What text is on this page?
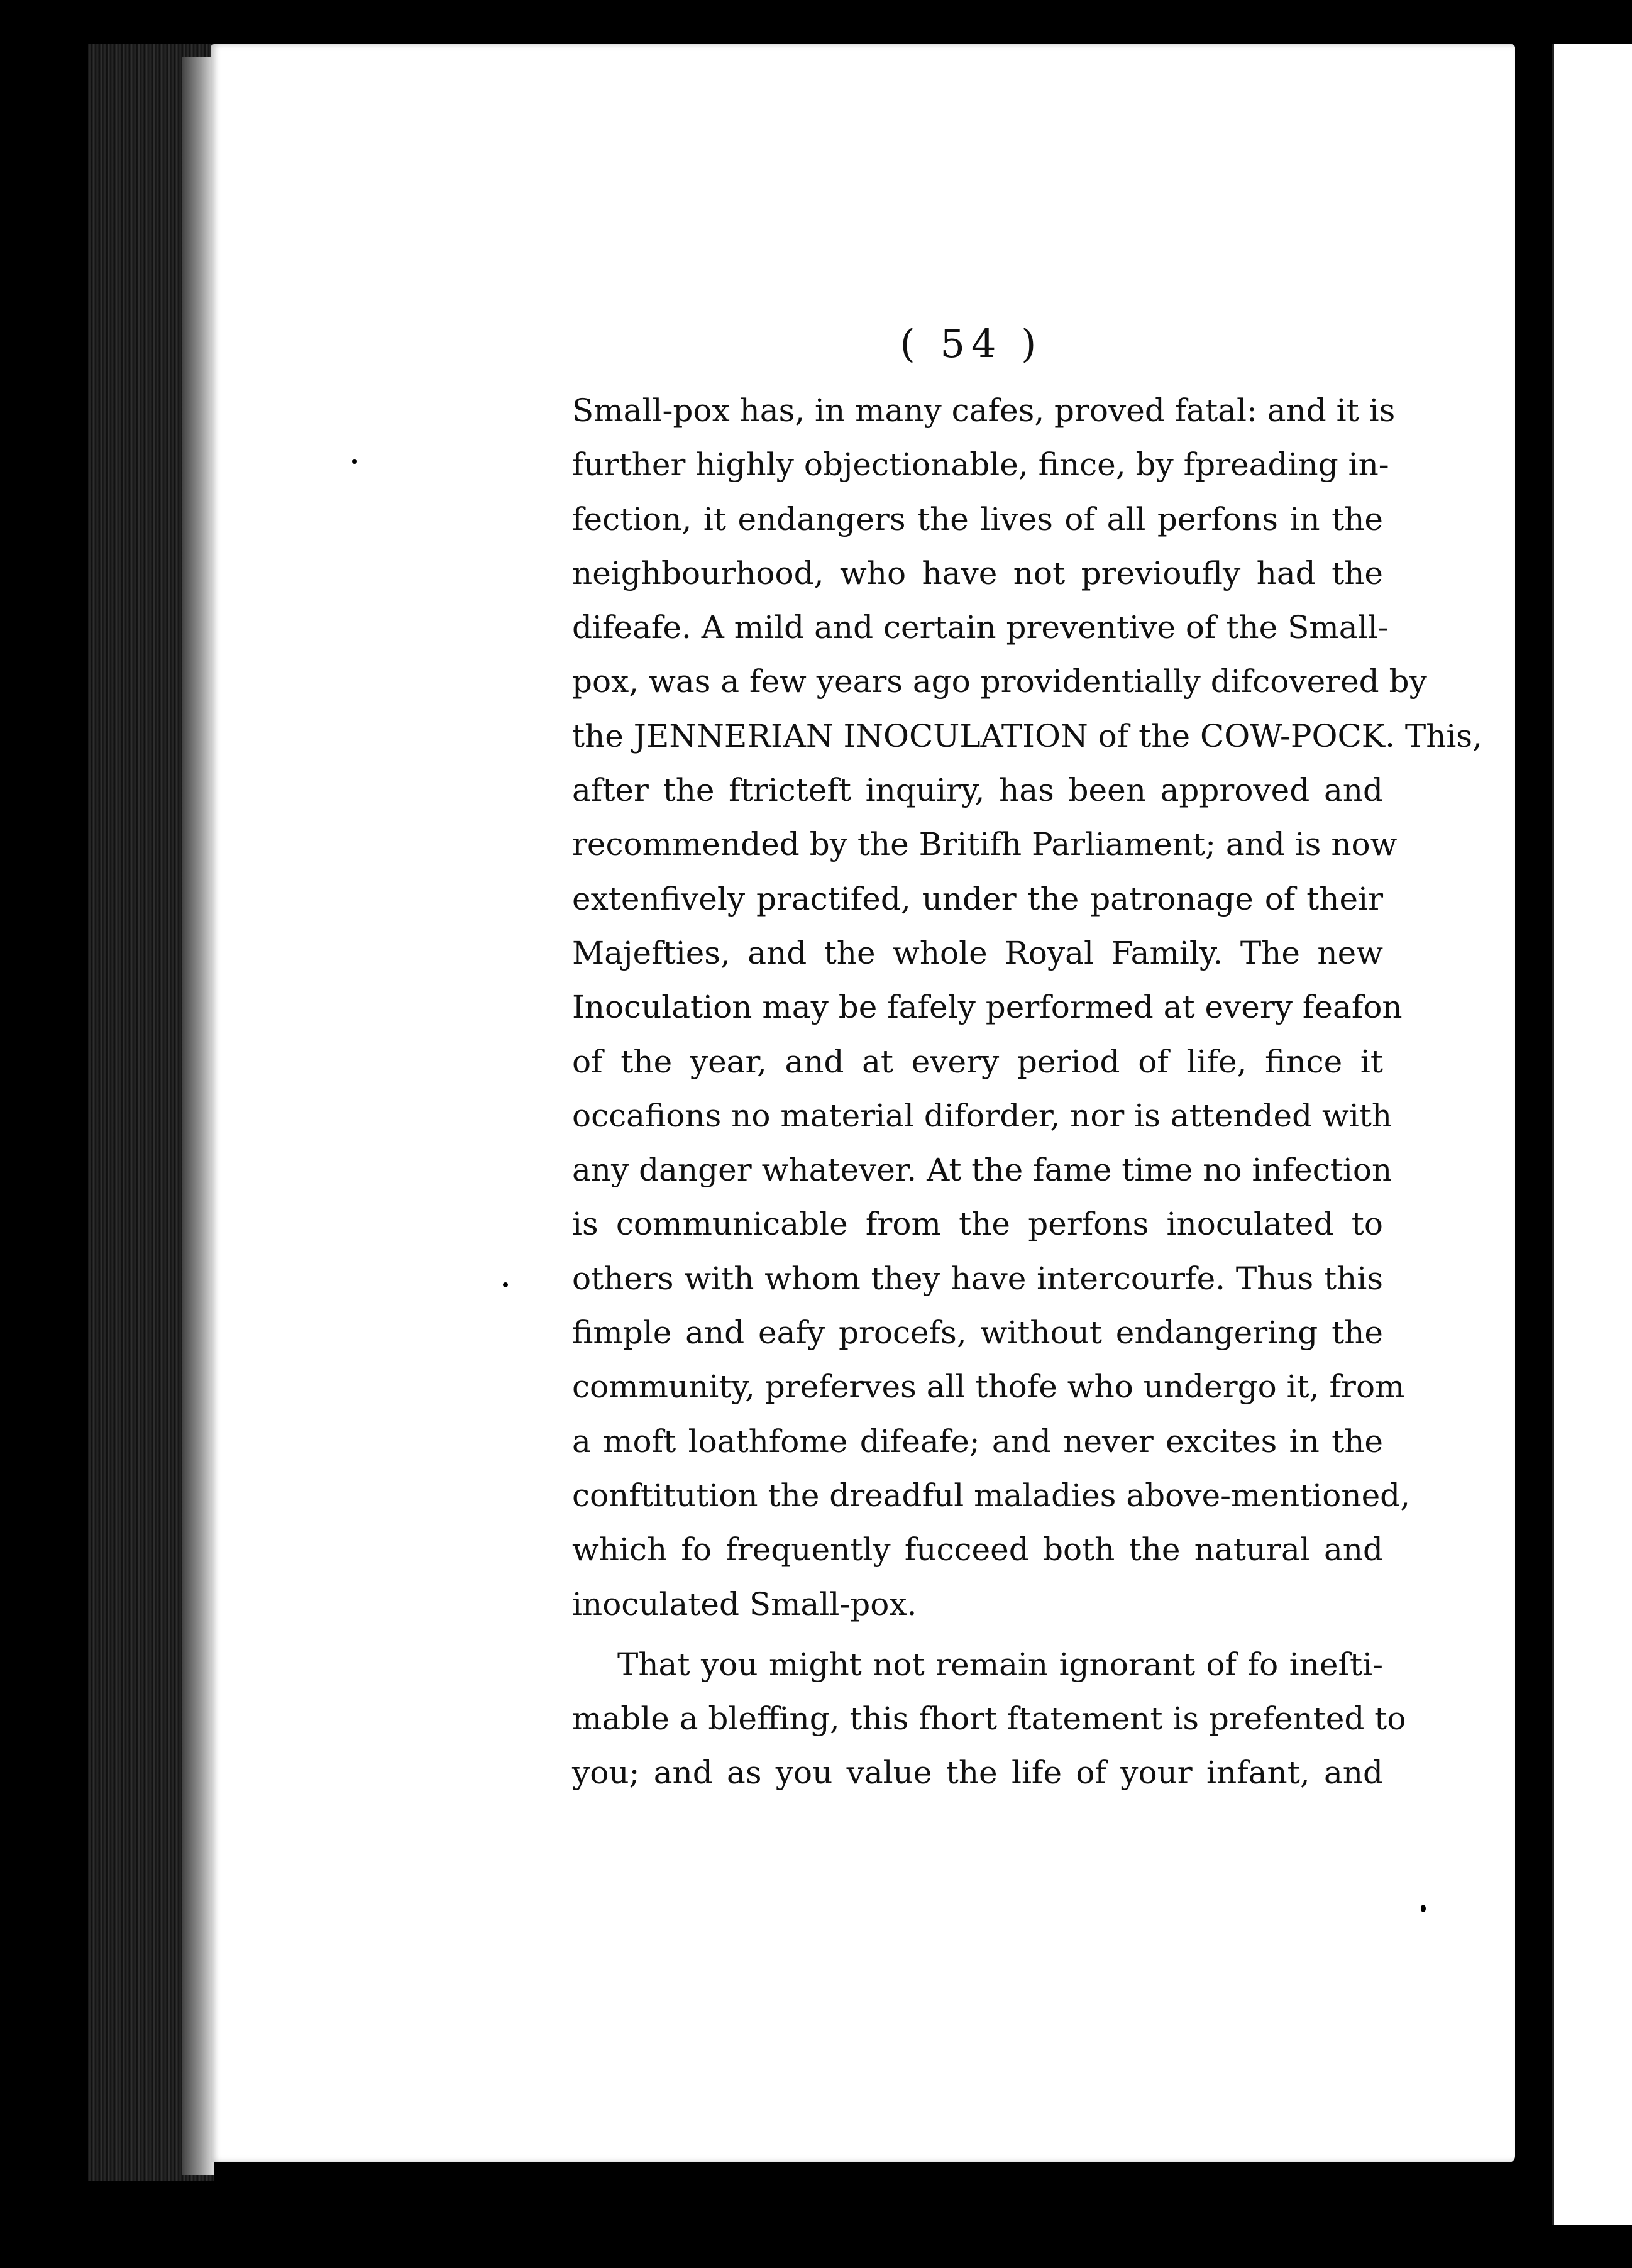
( 54 )
Small-pox has, in many cafes, proved fatal: and it is
further highly objectionable, fince, by fpreading in-
fection, it endangers the lives of all perfons in the
neighbourhood, who have not previoufly had the
difeafe. A mild and certain preventive of the Small-
pox, was a few years ago providentially difcovered by
the JENNERIAN INOCULATION of the COW-POCK. This,
after the ftricteft inquiry, has been approved and
recommended by the Britifh Parliament; and is now
extenfively practifed, under the patronage of their
Majefties, and the whole Royal Family. The new
Inoculation may be fafely performed at every feafon
of the year, and at every period of life, fince it
occafions no material diforder, nor is attended with
any danger whatever. At the fame time no infection
is communicable from the perfons inoculated to
others with whom they have intercourfe. Thus this
fimple and eafy procefs, without endangering the
community, preferves all thofe who undergo it, from
a moft loathfome difeafe; and never excites in the
conftitution the dreadful maladies above-mentioned,
which fo frequently fucceed both the natural and
inoculated Small-pox.
That you might not remain ignorant of fo ineſti-
mable a bleffing, this fhort ftatement is prefented to
you; and as you value the life of your infant, and
